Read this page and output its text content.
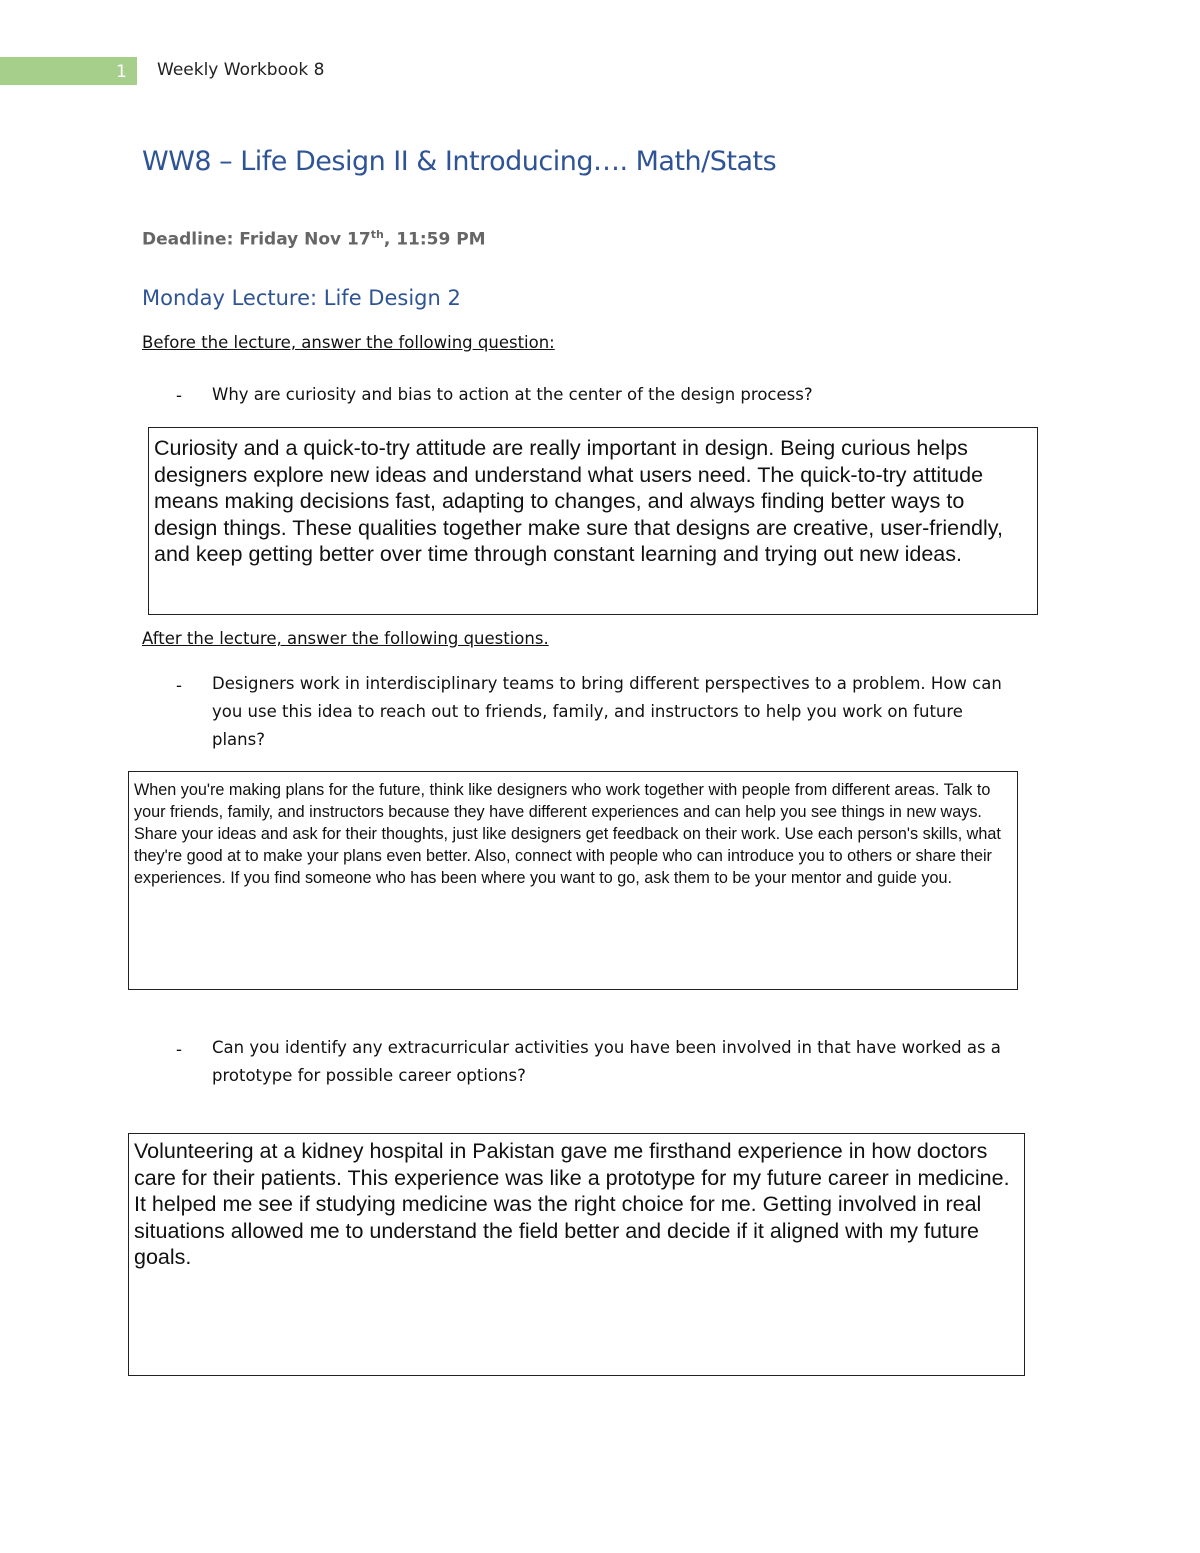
1 Weekly Workbook 8
WW8 – Life Design II & Introducing…. Math/Stats
Deadline: Friday Nov 17th, 11:59 PM
Monday Lecture: Life Design 2
Before the lecture, answer the following question:
- Why are curiosity and bias to action at the center of the design process?
Curiosity and a quick-to-try attitude are really important in design. Being curious helps designers explore new ideas and understand what users need. The quick-to-try attitude means making decisions fast, adapting to changes, and always finding better ways to design things. These qualities together make sure that designs are creative, user-friendly, and keep getting better over time through constant learning and trying out new ideas.
After the lecture, answer the following questions.
- Designers work in interdisciplinary teams to bring different perspectives to a problem. How can
you use this idea to reach out to friends, family, and instructors to help you work on future
plans?
When you're making plans for the future, think like designers who work together with people from different areas. Talk to your friends, family, and instructors because they have different experiences and can help you see things in new ways. Share your ideas and ask for their thoughts, just like designers get feedback on their work. Use each person's skills, what they're good at to make your plans even better. Also, connect with people who can introduce you to others or share their experiences. If you find someone who has been where you want to go, ask them to be your mentor and guide you.
- Can you identify any extracurricular activities you have been involved in that have worked as a
prototype for possible career options?
Volunteering at a kidney hospital in Pakistan gave me firsthand experience in how doctors care for their patients. This experience was like a prototype for my future career in medicine. It helped me see if studying medicine was the right choice for me. Getting involved in real situations allowed me to understand the field better and decide if it aligned with my future goals.
